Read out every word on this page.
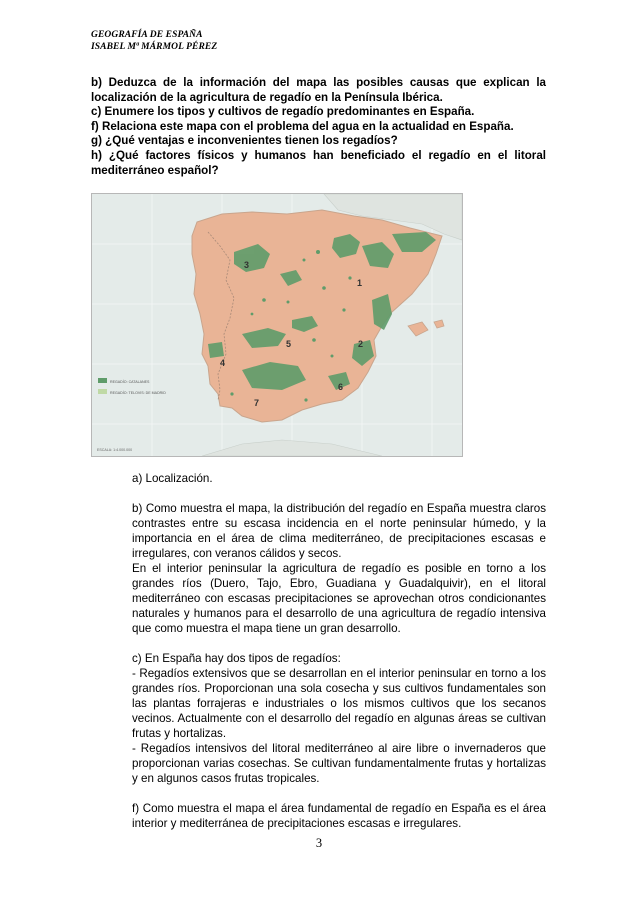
GEOGRAFÍA DE ESPAÑA
ISABEL Mª MÁRMOL PÉREZ

b) Deduzca de la información del mapa las posibles causas que explican la localización de la agricultura de regadío en la Península Ibérica.

c) Enumere los tipos y cultivos de regadío predominantes en España.

f) Relaciona este mapa con el problema del agua en la actualidad en España.

g) ¿Qué ventajas e inconvenientes tienen los regadíos?

h) ¿Qué factores físicos y humanos han beneficiado el regadío en el litoral mediterráneo español?

REGADÍO: CATALANES
REGADÍO: TELOVIS: DE MADRID
ESCALA: 1:4.000.000
1
2
3
4
5
6
7

a) Localización.

b) Como muestra el mapa, la distribución del regadío en España muestra claros contrastes entre su escasa incidencia en el norte peninsular húmedo, y la importancia en el área de clima mediterráneo, de precipitaciones escasas e irregulares, con veranos cálidos y secos.

En el interior peninsular la agricultura de regadío es posible en torno a los grandes ríos (Duero, Tajo, Ebro, Guadiana y Guadalquivir), en el litoral mediterráneo con escasas precipitaciones se aprovechan otros condicionantes naturales y humanos para el desarrollo de una agricultura de regadío intensiva que como muestra el mapa tiene un gran desarrollo.

c) En España hay dos tipos de regadíos:

- Regadíos extensivos que se desarrollan en el interior peninsular en torno a los grandes ríos. Proporcionan una sola cosecha y sus cultivos fundamentales son las plantas forrajeras e industriales o los mismos cultivos que los secanos vecinos. Actualmente con el desarrollo del regadío en algunas áreas se cultivan frutas y hortalizas.

- Regadíos intensivos del litoral mediterráneo al aire libre o invernaderos que proporcionan varias cosechas. Se cultivan fundamentalmente frutas y hortalizas y en algunos casos frutas tropicales.

f) Como muestra el mapa el área fundamental de regadío en España es el área interior y mediterránea de precipitaciones escasas e irregulares.

3
